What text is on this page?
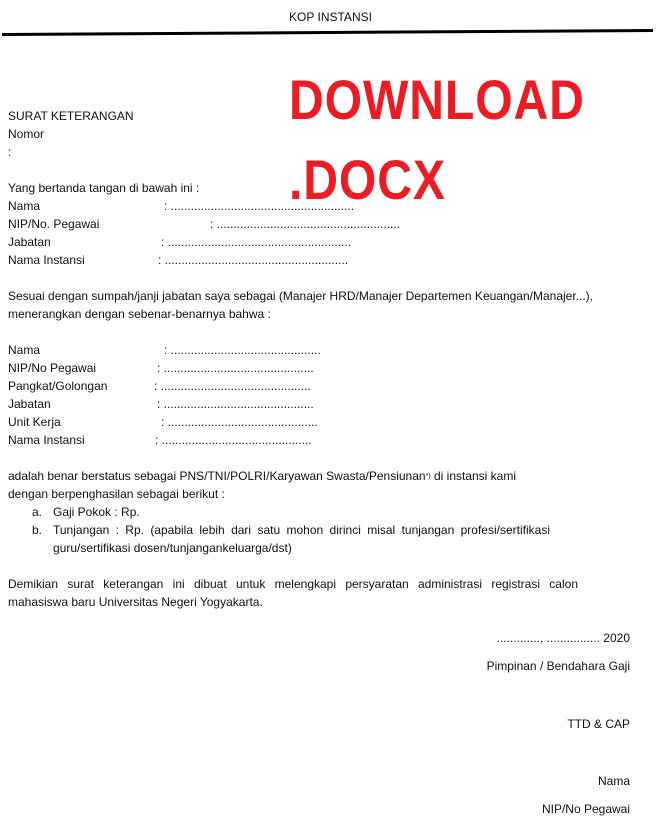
KOP INSTANSI
DOWNLOAD
.DOCX
SURAT KETERANGAN
Nomor
:
Yang bertanda tangan di bawah ini :
Nama	: .......................................................
NIP/No. Pegawai	: .......................................................
Jabatan	: .......................................................
Nama Instansi	: .......................................................
Sesuai dengan sumpah/janji jabatan saya sebagai (Manajer HRD/Manajer Departemen Keuangan/Manajer...),
menerangkan dengan sebenar-benarnya bahwa :
Nama	: .............................................
NIP/No Pegawai	: .............................................
Pangkat/Golongan	: .............................................
Jabatan	: .............................................
Unit Kerja	: .............................................
Nama Instansi	: .............................................
adalah benar berstatus sebagai PNS/TNI/POLRI/Karyawan Swasta/Pensiunan*) di instansi kami
dengan berpenghasilan sebagai berikut :
a. Gaji Pokok : Rp.
b. Tunjangan : Rp. (apabila lebih dari satu mohon dirinci misal tunjangan profesi/sertifikasi
guru/sertifikasi dosen/tunjangankeluarga/dst)
Demikian surat keterangan ini dibuat untuk melengkapi persyaratan administrasi registrasi calon
mahasiswa baru Universitas Negeri Yogyakarta.
............., ................ 2020
Pimpinan / Bendahara Gaji
TTD & CAP
Nama
NIP/No Pegawai
